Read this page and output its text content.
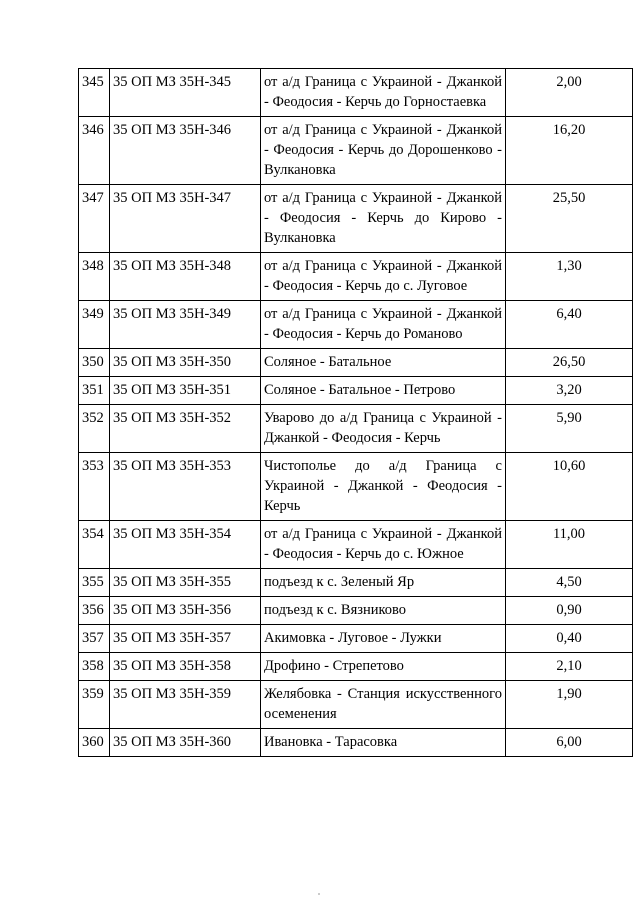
345	35 ОП МЗ 35Н-345	от а/д Граница с Украиной - Джанкой - Феодосия - Керчь до Горностаевка	2,00
346	35 ОП МЗ 35Н-346	от а/д Граница с Украиной - Джанкой - Феодосия - Керчь до Дорошенково - Вулкановка	16,20
347	35 ОП МЗ 35Н-347	от а/д Граница с Украиной - Джанкой - Феодосия - Керчь до Кирово - Вулкановка	25,50
348	35 ОП МЗ 35Н-348	от а/д Граница с Украиной - Джанкой - Феодосия - Керчь до с. Луговое	1,30
349	35 ОП МЗ 35Н-349	от а/д Граница с Украиной - Джанкой - Феодосия - Керчь до Романово	6,40
350	35 ОП МЗ 35Н-350	Соляное - Батальное	26,50
351	35 ОП МЗ 35Н-351	Соляное - Батальное - Петрово	3,20
352	35 ОП МЗ 35Н-352	Уварово до а/д Граница с Украиной - Джанкой - Феодосия - Керчь	5,90
353	35 ОП МЗ 35Н-353	Чистополье до а/д Граница с Украиной - Джанкой - Феодосия - Керчь	10,60
354	35 ОП МЗ 35Н-354	от а/д Граница с Украиной - Джанкой - Феодосия - Керчь до с. Южное	11,00
355	35 ОП МЗ 35Н-355	подъезд к с. Зеленый Яр	4,50
356	35 ОП МЗ 35Н-356	подъезд к с. Вязниково	0,90
357	35 ОП МЗ 35Н-357	Акимовка - Луговое - Лужки	0,40
358	35 ОП МЗ 35Н-358	Дрофино - Стрепетово	2,10
359	35 ОП МЗ 35Н-359	Желябовка - Станция искусственного осеменения	1,90
360	35 ОП МЗ 35Н-360	Ивановка - Тарасовка	6,00
